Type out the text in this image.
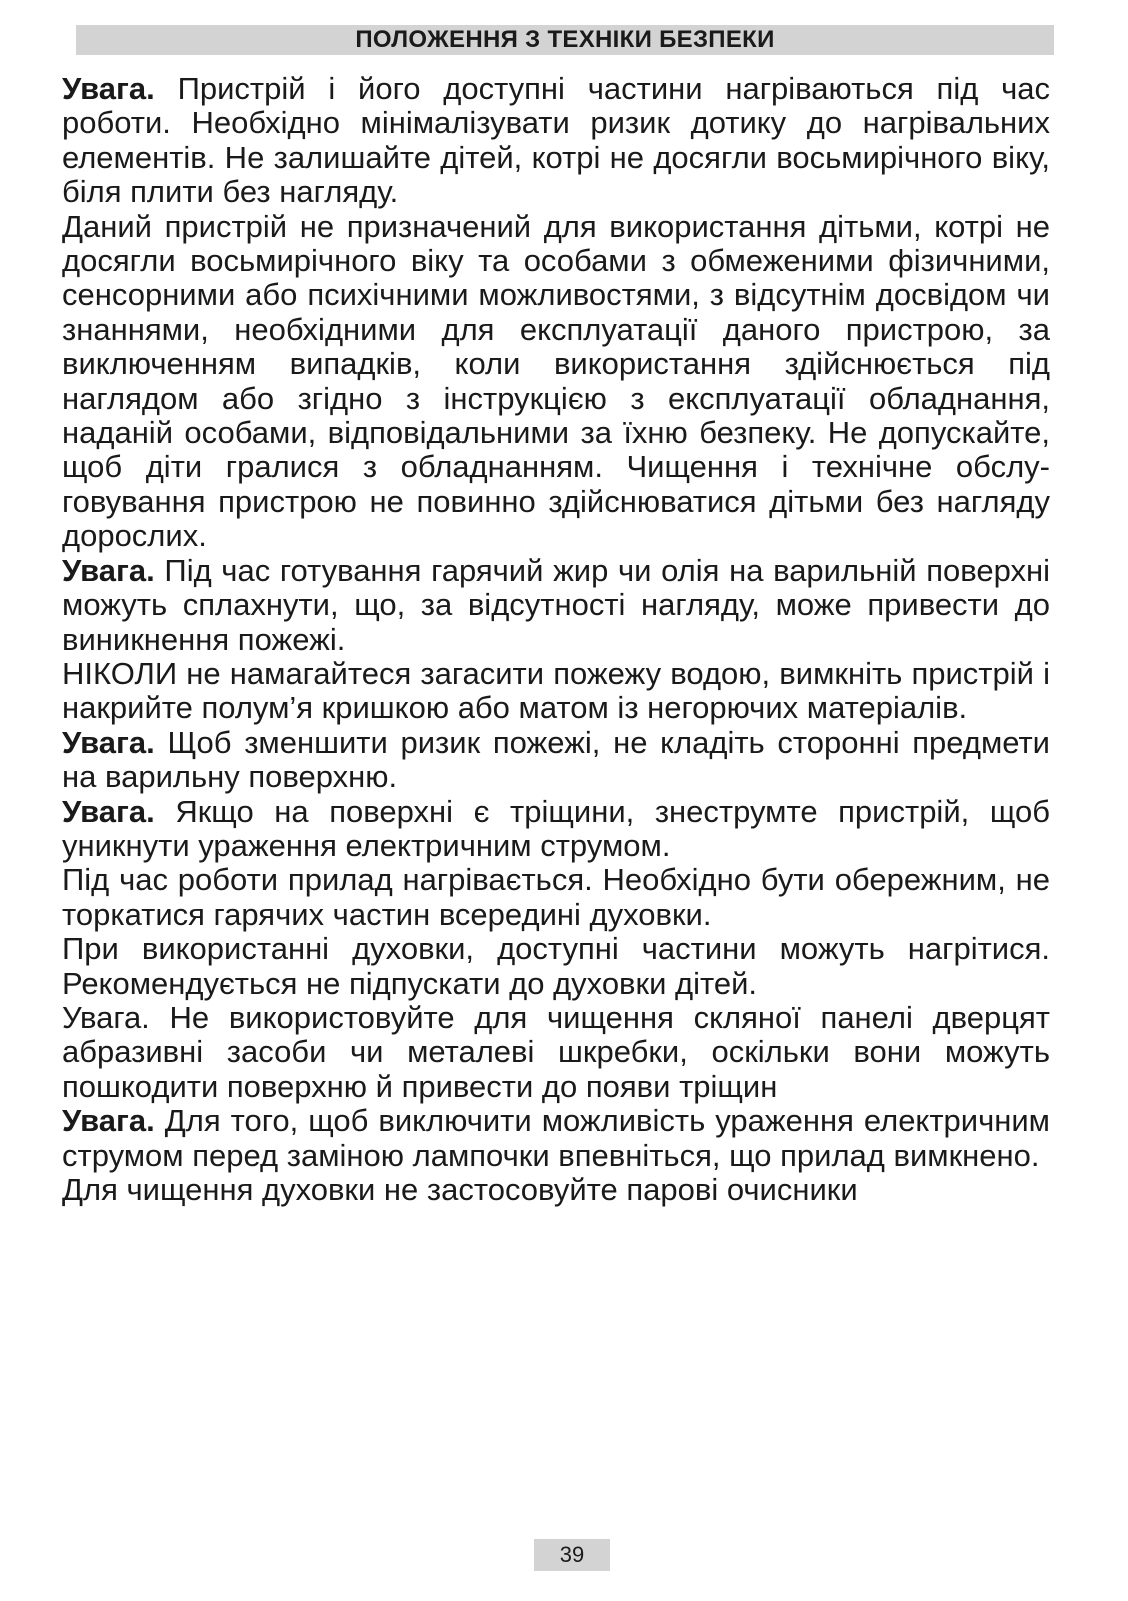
ПОЛОЖЕННЯ З ТЕХНІКИ БЕЗПЕКИ

Увага. Пристрій і його доступні частини нагріваються під час роботи. Необхідно мінімалізувати ризик дотику до нагрівальних елементів. Не залишайте дітей, котрі не досягли восьмирічного віку, біля плити без нагляду.

Даний пристрій не призначений для використання дітьми, котрі не досягли восьмирічного віку та особами з обмеженими фізичними, сенсорними або психічними можливостями, з відсутнім досвідом чи знаннями, необхідними для експлуатації даного пристрою, за виключенням випадків, коли використання здійснюється під наглядом або згідно з інструкцією з експлуатації обладнання, наданій особами, відповідальними за їхню безпеку. Не допускайте, щоб діти гралися з обладнанням. Чищення і технічне обслуговування пристрою не повинно здійснюватися дітьми без нагляду дорослих.

Увага. Під час готування гарячий жир чи олія на варильній поверхні можуть сплахнути, що, за відсутності нагляду, може привести до виникнення пожежі.

НІКОЛИ не намагайтеся загасити пожежу водою, вимкніть пристрій і накрийте полум’я кришкою або матом із негорючих матеріалів.

Увага. Щоб зменшити ризик пожежі, не кладіть сторонні предмети на варильну поверхню.

Увага. Якщо на поверхні є тріщини, знеструмте пристрій, щоб уникнути ураження електричним струмом.

Під час роботи прилад нагрівається. Необхідно бути обережним, не торкатися гарячих частин всередині духовки.

При використанні духовки, доступні частини можуть нагрітися. Рекомендується не підпускати до духовки дітей.

Увага. Не використовуйте для чищення скляної панелі дверцят абразивні засоби чи металеві шкребки, оскільки вони можуть пошкодити поверхню й привести до появи тріщин

Увага. Для того, щоб виключити можливість ураження електричним струмом перед заміною лампочки впевніться, що прилад вимкнено.

Для чищення духовки не застосовуйте парові очисники

39
